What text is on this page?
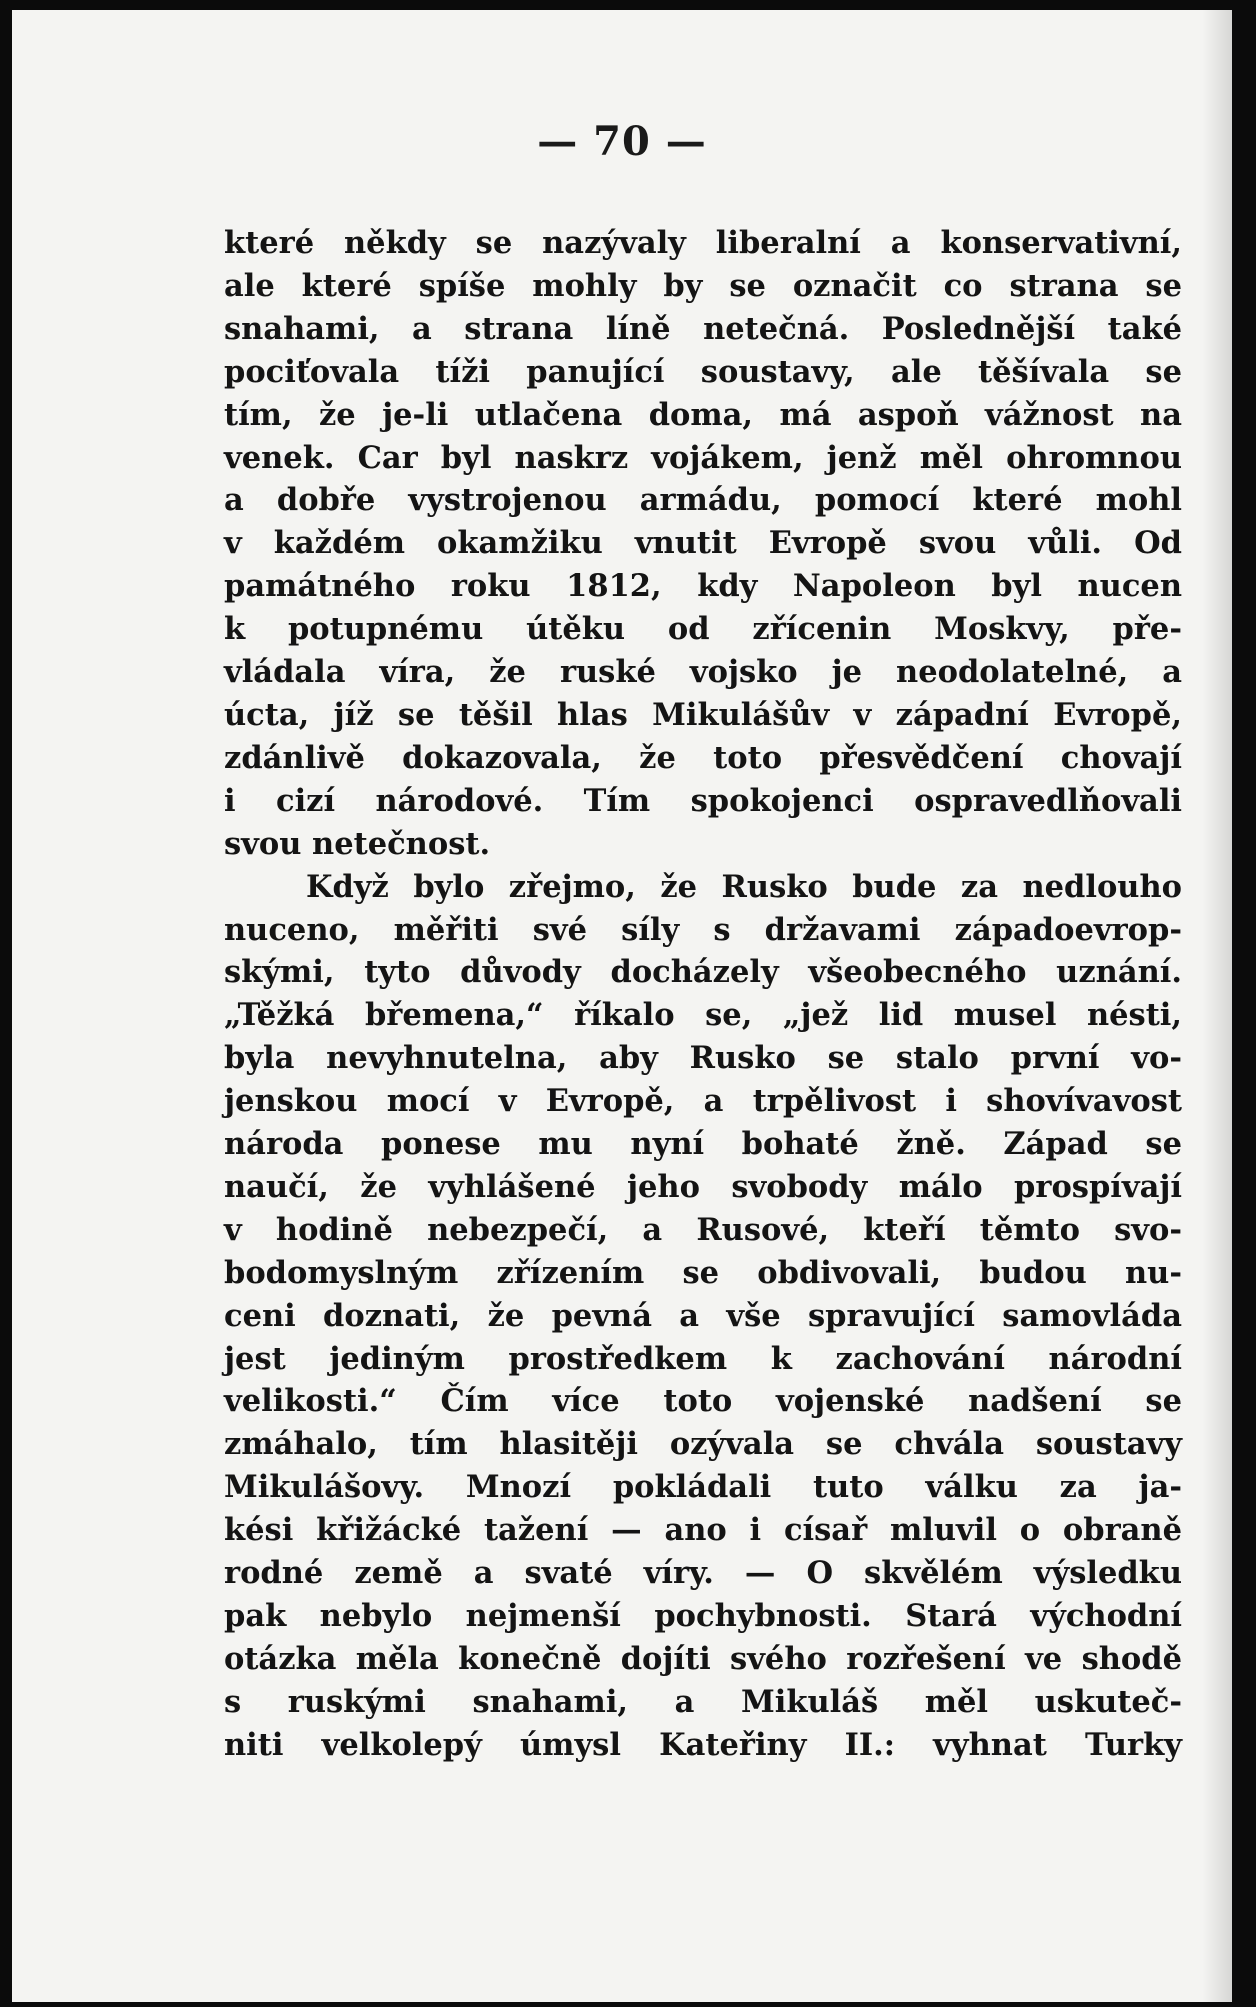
— 70 —
které někdy se nazývaly liberalní a konservativní,
ale které spíše mohly by se označit co strana se
snahami, a strana líně netečná. Poslednější také
pociťovala tíži panující soustavy, ale těšívala se
tím, že je-li utlačena doma, má aspoň vážnost na
venek. Car byl naskrz vojákem, jenž měl ohromnou
a dobře vystrojenou armádu, pomocí které mohl
v každém okamžiku vnutit Evropě svou vůli. Od
památného roku 1812, kdy Napoleon byl nucen
k potupnému útěku od zřícenin Moskvy, pře-
vládala víra, že ruské vojsko je neodolatelné, a
úcta, jíž se těšil hlas Mikulášův v západní Evropě,
zdánlivě dokazovala, že toto přesvědčení chovají
i cizí národové. Tím spokojenci ospravedlňovali
svou netečnost.
Když bylo zřejmo, že Rusko bude za nedlouho
nuceno, měřiti své síly s državami západoevrop-
skými, tyto důvody docházely všeobecného uznání.
„Těžká břemena,“ říkalo se, „jež lid musel nésti,
byla nevyhnutelna, aby Rusko se stalo první vo-
jenskou mocí v Evropě, a trpělivost i shovívavost
národa ponese mu nyní bohaté žně. Západ se
naučí, že vyhlášené jeho svobody málo prospívají
v hodině nebezpečí, a Rusové, kteří těmto svo-
bodomyslným zřízením se obdivovali, budou nu-
ceni doznati, že pevná a vše spravující samovláda
jest jediným prostředkem k zachování národní
velikosti.“ Čím více toto vojenské nadšení se
zmáhalo, tím hlasitěji ozývala se chvála soustavy
Mikulášovy. Mnozí pokládali tuto válku za ja-
kési křižácké tažení — ano i císař mluvil o obraně
rodné země a svaté víry. — O skvělém výsledku
pak nebylo nejmenší pochybnosti. Stará východní
otázka měla konečně dojíti svého rozřešení ve shodě
s ruskými snahami, a Mikuláš měl uskuteč-
niti velkolepý úmysl Kateřiny II.: vyhnat Turky
